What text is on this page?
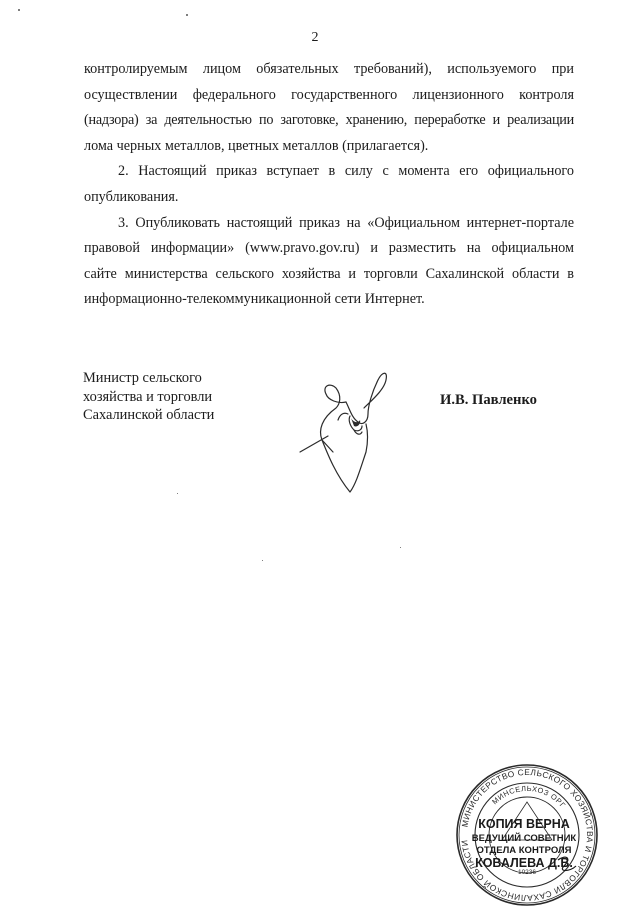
2

контролируемым лицом обязательных требований), используемого при
осуществлении федерального государственного лицензионного контроля
(надзора) за деятельностью по заготовке, хранению, переработке и реализации
лома черных металлов, цветных металлов (прилагается).

2. Настоящий приказ вступает в силу с момента его официального
опубликования.

3. Опубликовать настоящий приказ на «Официальном интернет-портале
правовой информации» (www.pravo.gov.ru) и разместить на официальном
сайте министерства сельского хозяйства и торговли Сахалинской области в
информационно-телекоммуникационной сети Интернет.

Министр сельского
хозяйства и торговли
Сахалинской области
И.В. Павленко
МИНИСТЕРСТВО СЕЛЬСКОГО ХОЗЯЙСТВА И ТОРГОВЛИ САХАЛИНСКОЙ ОБЛАСТИ
МИНСЕЛЬХОЗ ОРГ
10236
КОПИЯ ВЕРНА
ВЕДУЩИЙ СОВЕТНИК
ОТДЕЛА КОНТРОЛЯ
КОВАЛЕВА Д.В.
